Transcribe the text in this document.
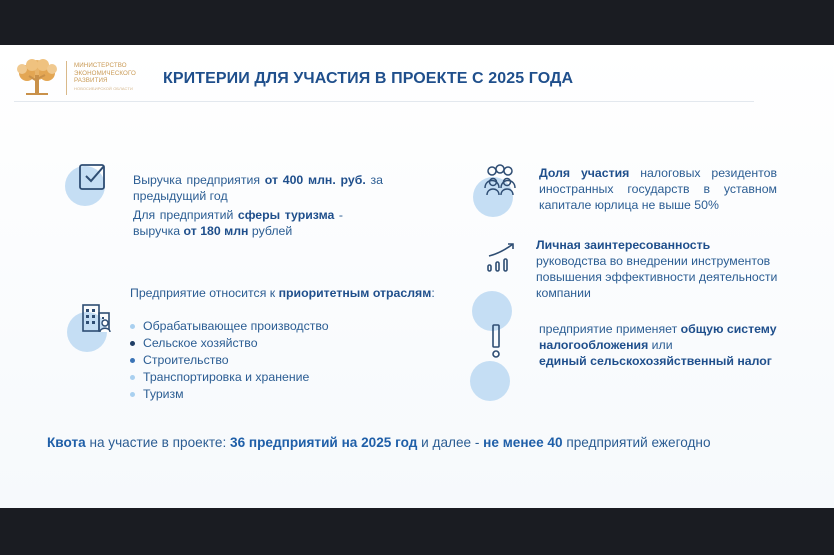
МИНИСТЕРСТВО
ЭКОНОМИЧЕСКОГО
РАЗВИТИЯ
НОВОСИБИРСКОЙ ОБЛАСТИ
КРИТЕРИИ ДЛЯ УЧАСТИЯ В ПРОЕКТЕ С 2025 ГОДА
Выручка предприятия от 400 млн. руб. за предыдущий год
Для предприятий сферы туризма - выручка от 180 млн рублей
Предприятие относится к приоритетным отраслям:
Обрабатывающее производство
Сельское хозяйство
Строительство
Транспортировка и хранение
Туризм
Доля участия налоговых резидентов иностранных государств в уставном капитале юрлица не выше 50%
Личная заинтересованность
руководства во внедрении инструментов повышения эффективности деятельности компании
предприятие применяет общую систему налогообложения или
единый сельскохозяйственный налог
Квота на участие в проекте: 36 предприятий на 2025 год и далее - не менее 40 предприятий ежегодно
